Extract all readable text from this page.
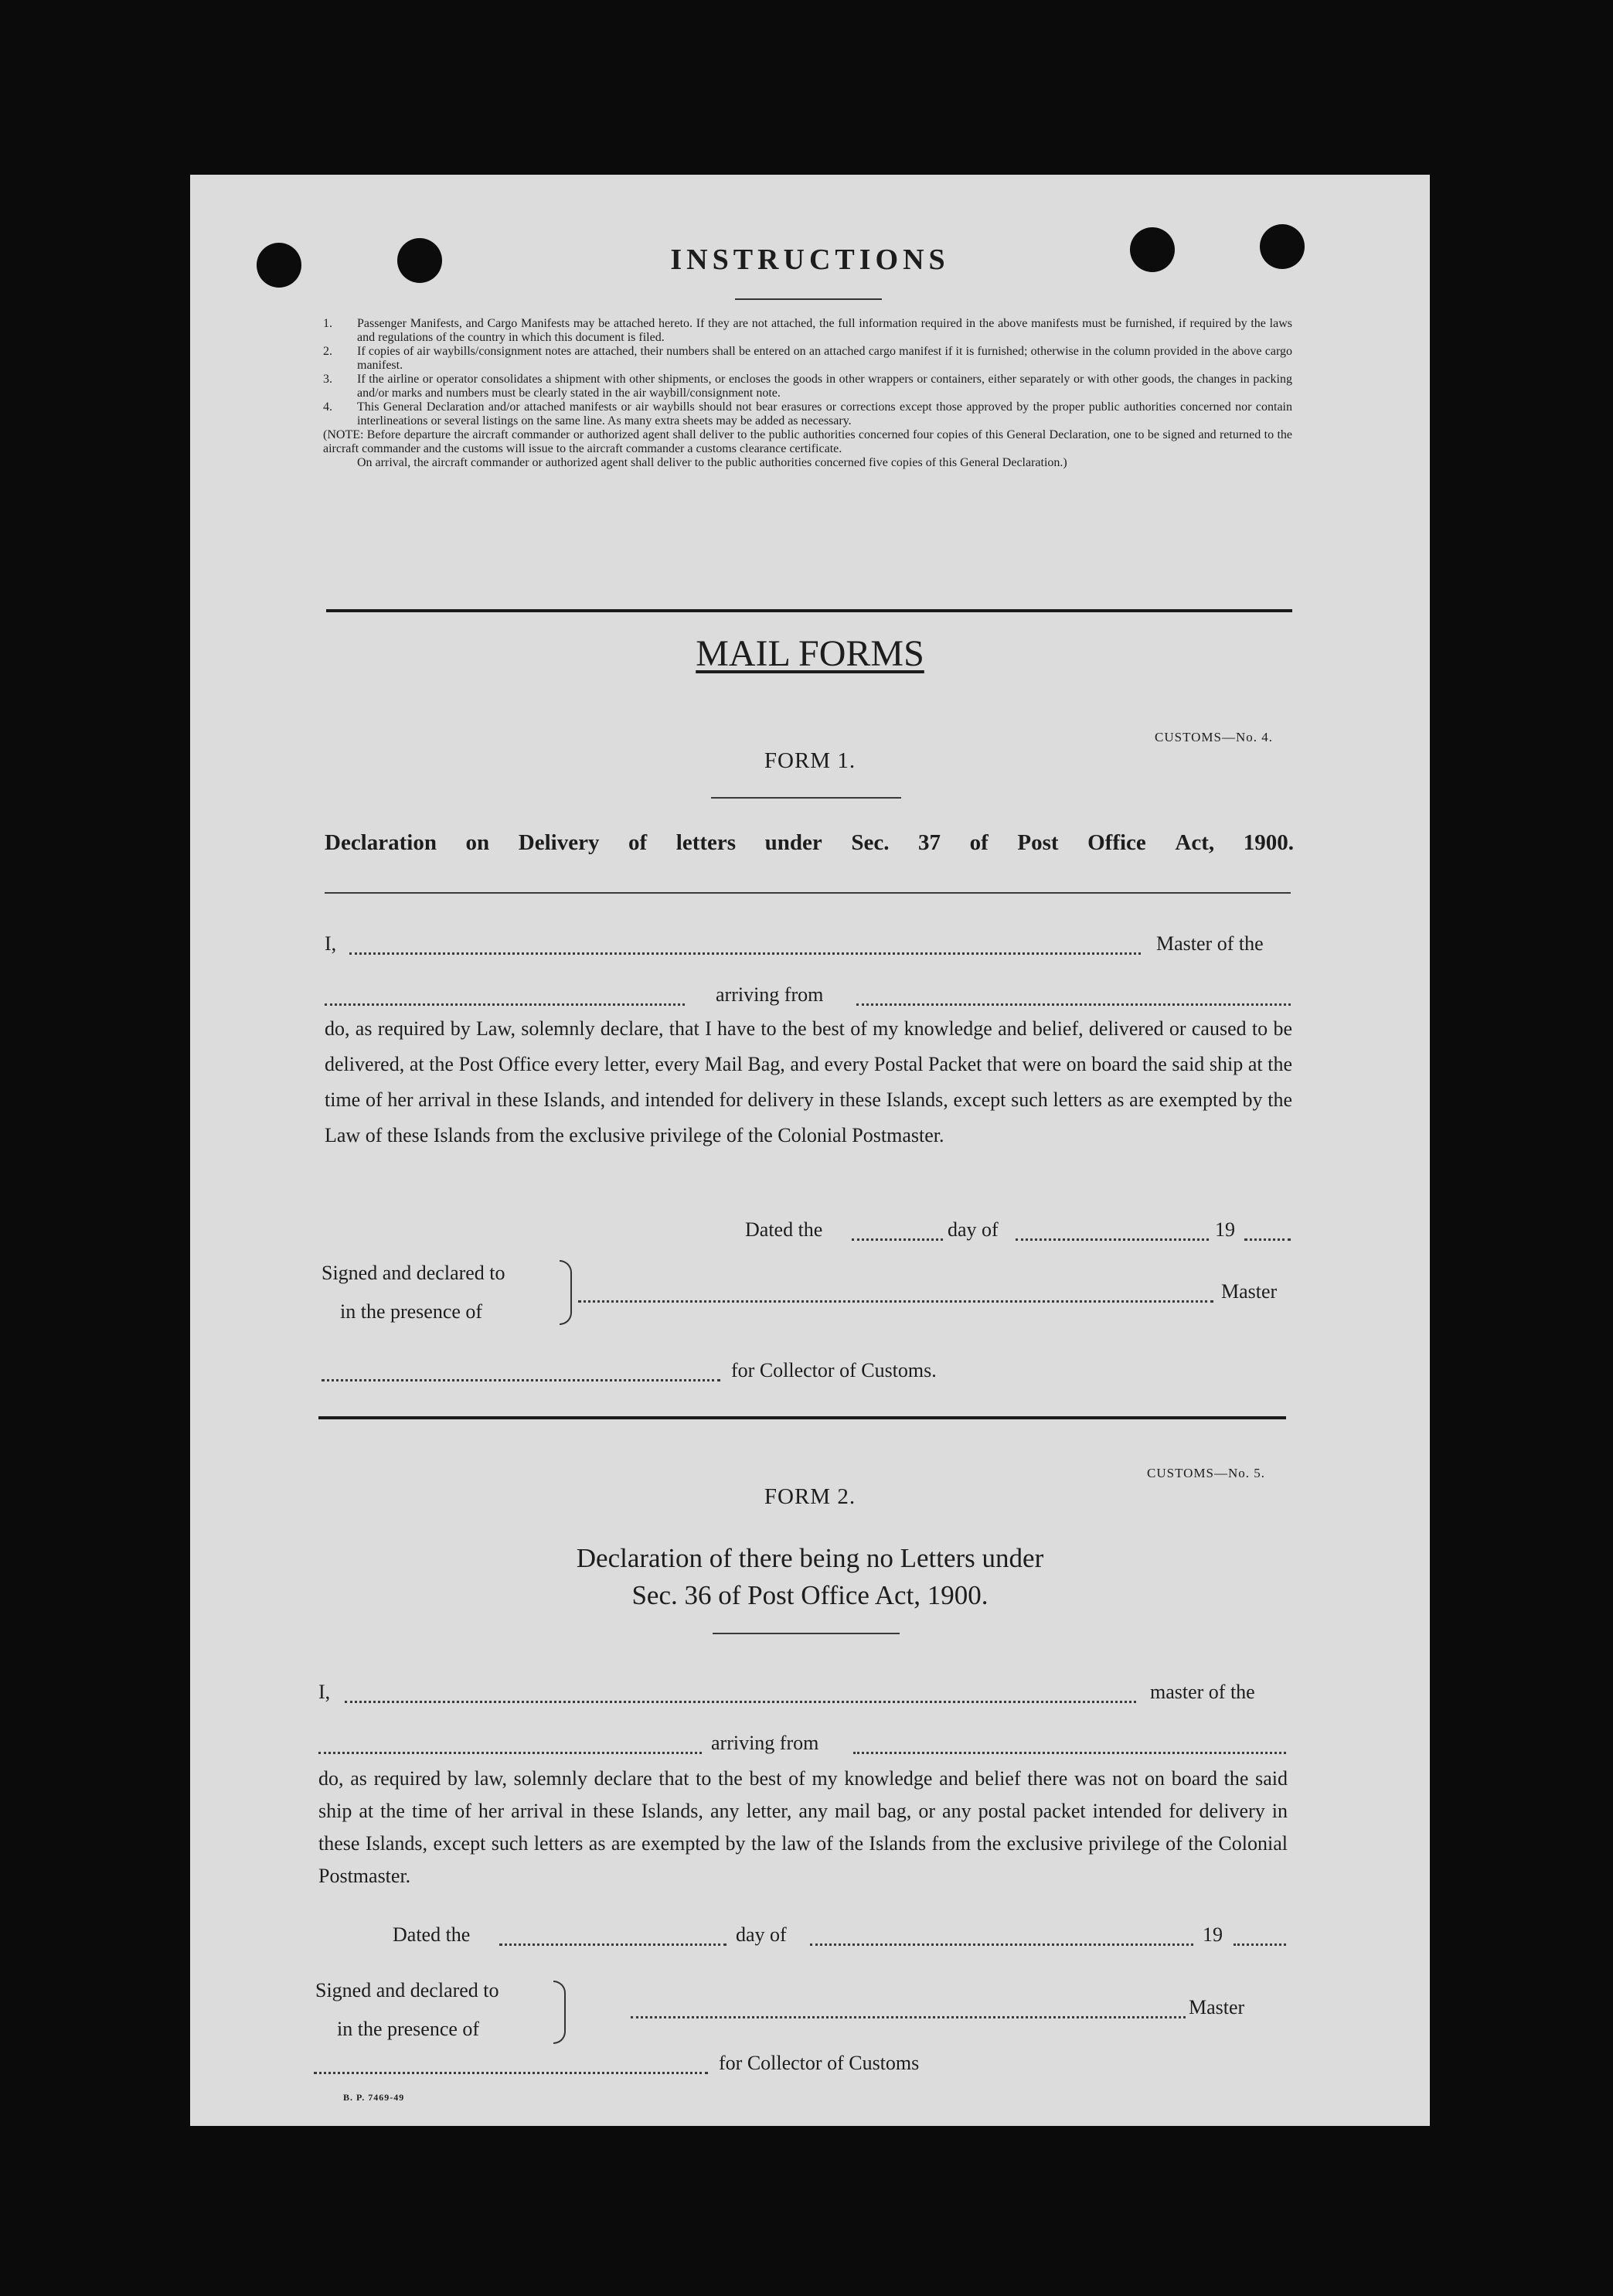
INSTRUCTIONS

1. Passenger Manifests, and Cargo Manifests may be attached hereto. If they are not attached, the full information required in the above manifests must be furnished, if required by the laws and regulations of the country in which this document is filed.

2. If copies of air waybills/consignment notes are attached, their numbers shall be entered on an attached cargo manifest if it is furnished; otherwise in the column provided in the above cargo manifest.

3. If the airline or operator consolidates a shipment with other shipments, or encloses the goods in other wrappers or containers, either separately or with other goods, the changes in packing and/or marks and numbers must be clearly stated in the air waybill/consignment note.

4. This General Declaration and/or attached manifests or air waybills should not bear erasures or corrections except those approved by the proper public authorities concerned nor contain interlineations or several listings on the same line. As many extra sheets may be added as necessary.

(NOTE: Before departure the aircraft commander or authorized agent shall deliver to the public authorities concerned four copies of this General Declaration, one to be signed and returned to the aircraft commander and the customs will issue to the aircraft commander a customs clearance certificate.

On arrival, the aircraft commander or authorized agent shall deliver to the public authorities concerned five copies of this General Declaration.)

MAIL FORMS
CUSTOMS—No. 4.
FORM 1.
Declaration on Delivery of letters under Sec. 37 of Post Office Act, 1900.
I,	Master of the
arriving from
do, as required by Law, solemnly declare, that I have to the best of my knowledge and belief, delivered or caused to be delivered, at the Post Office every letter, every Mail Bag, and every Postal Packet that were on board the said ship at the time of her arrival in these Islands, and intended for delivery in these Islands, except such letters as are exempted by the Law of these Islands from the exclusive privilege of the Colonial Postmaster.
Dated the	day of	19
Signed and declared to
in the presence of
Master
for Collector of Customs.
CUSTOMS—No. 5.
FORM 2.
Declaration of there being no Letters under
Sec. 36 of Post Office Act, 1900.
I,	master of the
arriving from
do, as required by law, solemnly declare that to the best of my knowledge and belief there was not on board the said ship at the time of her arrival in these Islands, any letter, any mail bag, or any postal packet intended for delivery in these Islands, except such letters as are exempted by the law of the Islands from the exclusive privilege of the Colonial Postmaster.
Dated the	day of	19
Signed and declared to
in the presence of
Master
for Collector of Customs
B. P. 7469-49
